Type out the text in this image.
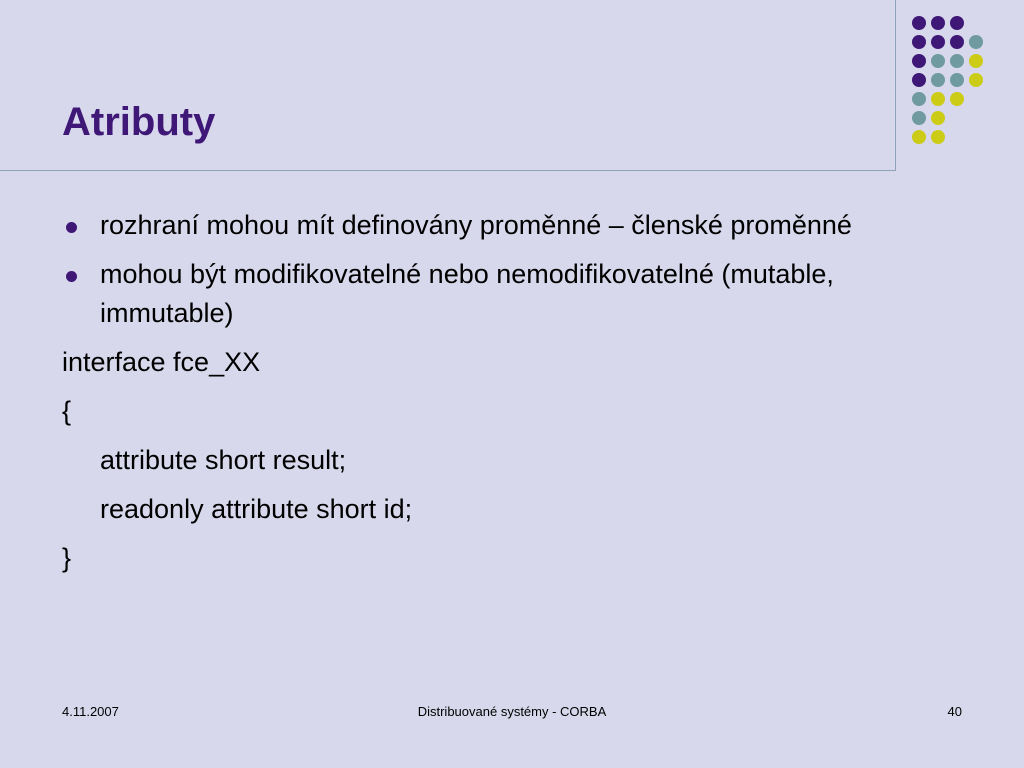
Atributy
rozhraní mohou mít definovány proměnné – členské proměnné
mohou být modifikovatelné nebo nemodifikovatelné (mutable, immutable)
interface fce_XX
{
attribute short result;
readonly attribute short id;
}
4.11.2007	Distribuované systémy - CORBA	40
